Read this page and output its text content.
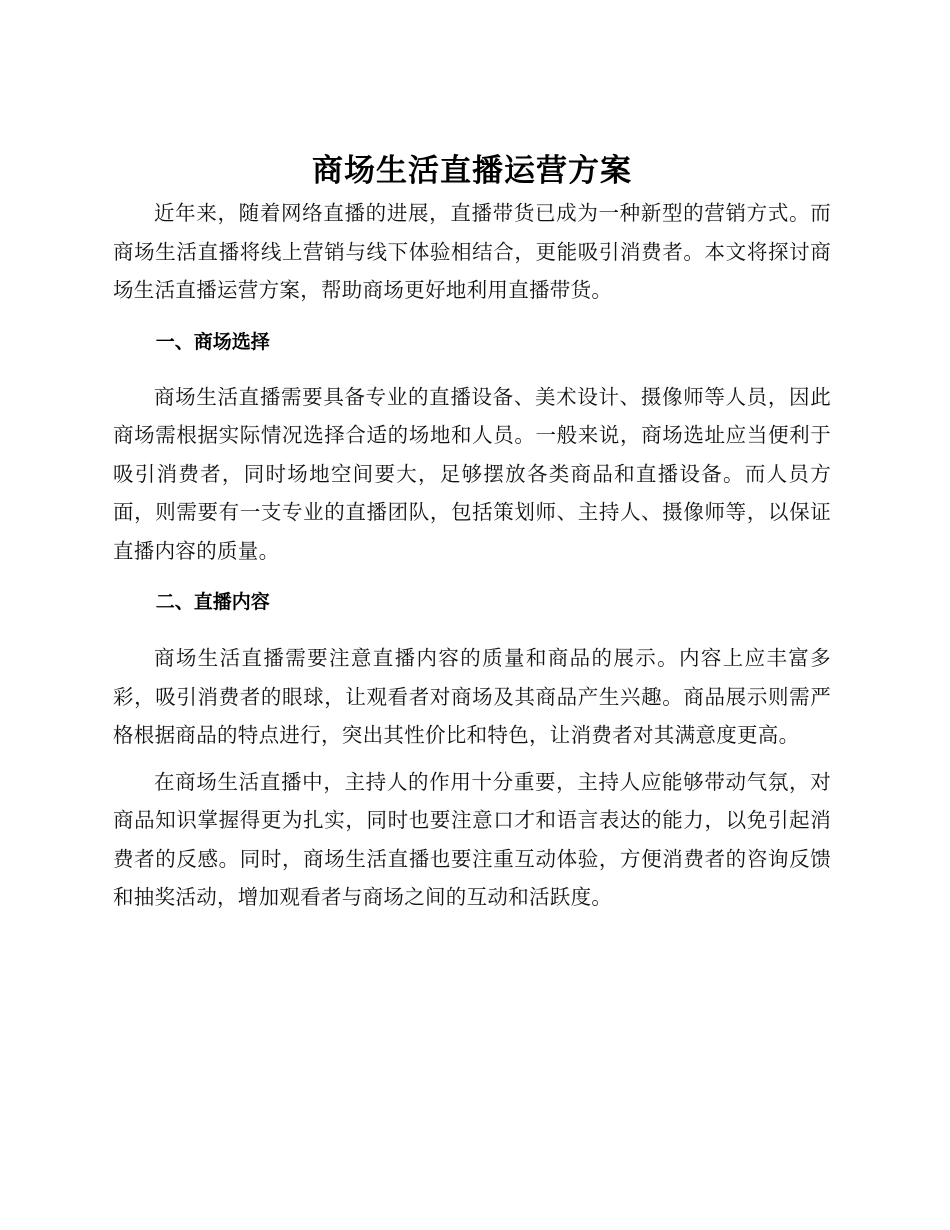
商场生活直播运营方案

近年来，随着网络直播的进展，直播带货已成为一种新型的营销方式。而商场生活直播将线上营销与线下体验相结合，更能吸引消费者。本文将探讨商场生活直播运营方案，帮助商场更好地利用直播带货。

一、商场选择

商场生活直播需要具备专业的直播设备、美术设计、摄像师等人员，因此商场需根据实际情况选择合适的场地和人员。一般来说，商场选址应当便利于吸引消费者，同时场地空间要大，足够摆放各类商品和直播设备。而人员方面，则需要有一支专业的直播团队，包括策划师、主持人、摄像师等，以保证直播内容的质量。

二、直播内容

商场生活直播需要注意直播内容的质量和商品的展示。内容上应丰富多彩，吸引消费者的眼球，让观看者对商场及其商品产生兴趣。商品展示则需严格根据商品的特点进行，突出其性价比和特色，让消费者对其满意度更高。

在商场生活直播中，主持人的作用十分重要，主持人应能够带动气氛，对商品知识掌握得更为扎实，同时也要注意口才和语言表达的能力，以免引起消费者的反感。同时，商场生活直播也要注重互动体验，方便消费者的咨询反馈和抽奖活动，增加观看者与商场之间的互动和活跃度。
